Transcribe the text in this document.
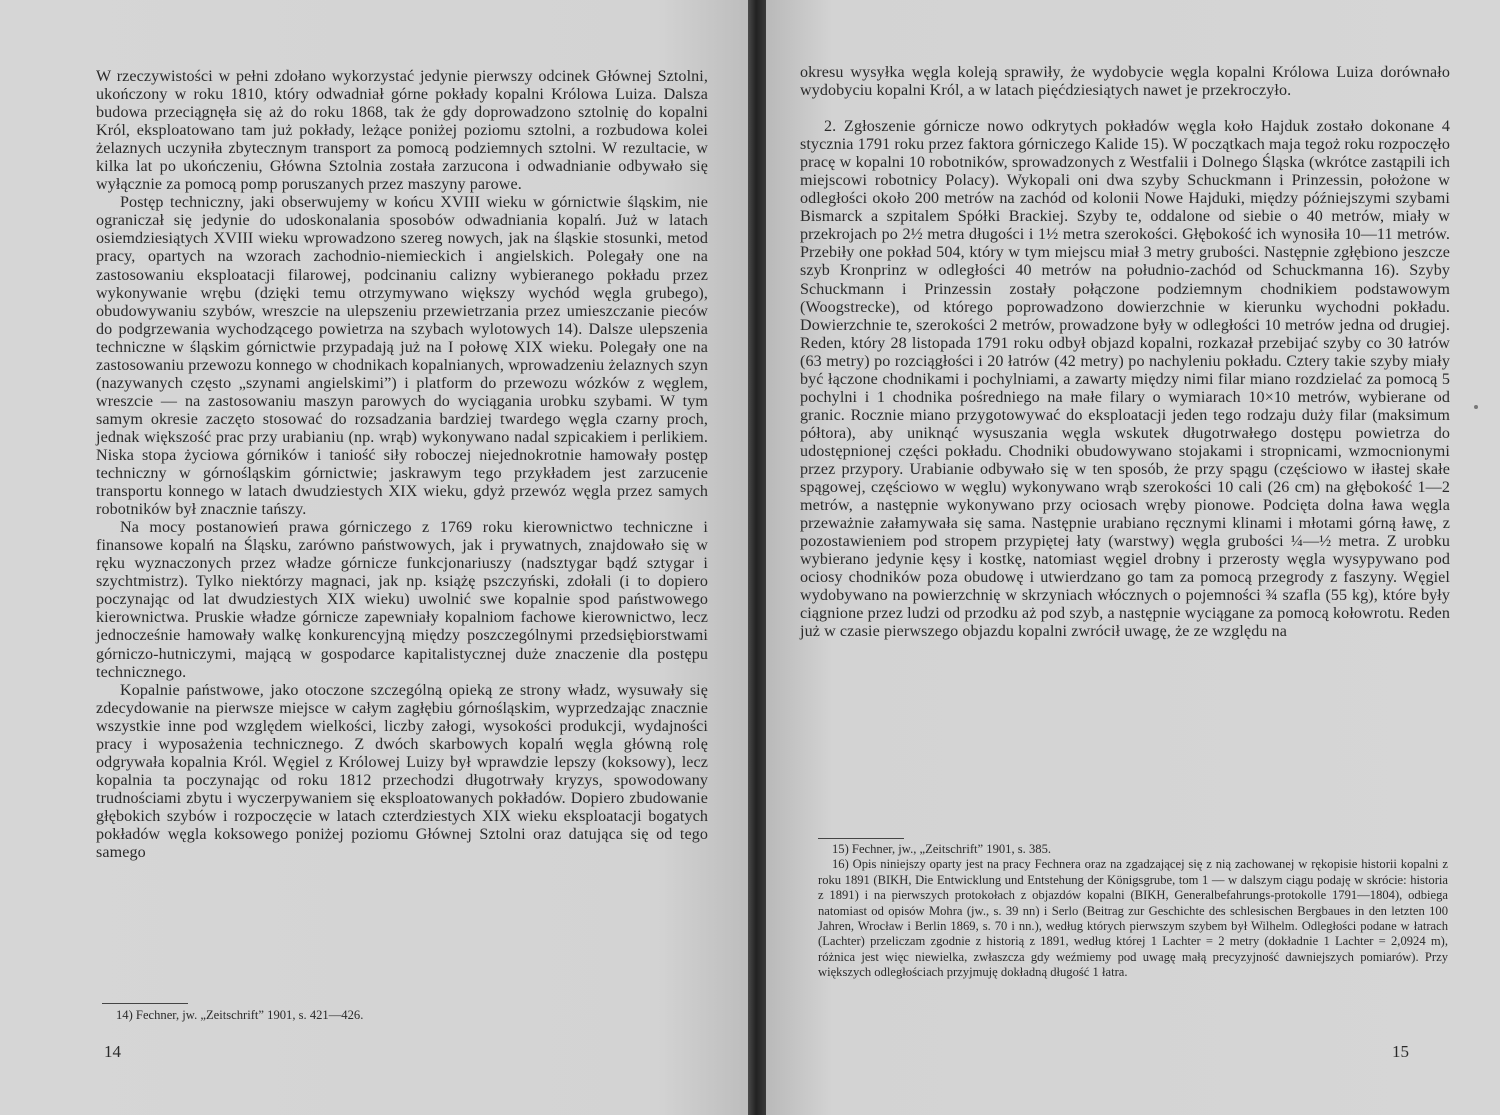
W rzeczywistości w pełni zdołano wykorzystać jedynie pierwszy odcinek Głównej Sztolni, ukończony w roku 1810, który odwadniał górne pokłady kopalni Królowa Luiza. Dalsza budowa przeciągnęła się aż do roku 1868, tak że gdy doprowadzono sztolnię do kopalni Król, eksploatowano tam już pokłady, leżące poniżej poziomu sztolni, a rozbudowa kolei żelaznych uczyniła zbytecznym transport za pomocą podziemnych sztolni. W rezultacie, w kilka lat po ukończeniu, Główna Sztolnia została zarzucona i odwadnianie odbywało się wyłącznie za pomocą pomp poruszanych przez maszyny parowe.

Postęp techniczny, jaki obserwujemy w końcu XVIII wieku w górnictwie śląskim, nie ograniczał się jedynie do udoskonalania sposobów odwadniania kopalń. Już w latach osiemdziesiątych XVIII wieku wprowadzono szereg nowych, jak na śląskie stosunki, metod pracy, opartych na wzorach zachodnio-niemieckich i angielskich. Polegały one na zastosowaniu eksploatacji filarowej, podcinaniu calizny wybieranego pokładu przez wykonywanie wrębu (dzięki temu otrzymywano większy wychód węgla grubego), obudowywaniu szybów, wreszcie na ulepszeniu przewietrzania przez umieszczanie pieców do podgrzewania wychodzącego powietrza na szybach wylotowych 14). Dalsze ulepszenia techniczne w śląskim górnictwie przypadają już na I połowę XIX wieku. Polegały one na zastosowaniu przewozu konnego w chodnikach kopalnianych, wprowadzeniu żelaznych szyn (nazywanych często „szynami angielskimi”) i platform do przewozu wózków z węglem, wreszcie — na zastosowaniu maszyn parowych do wyciągania urobku szybami. W tym samym okresie zaczęto stosować do rozsadzania bardziej twardego węgla czarny proch, jednak większość prac przy urabianiu (np. wrąb) wykonywano nadal szpicakiem i perlikiem. Niska stopa życiowa górników i taniość siły roboczej niejednokrotnie hamowały postęp techniczny w górnośląskim górnictwie; jaskrawym tego przykładem jest zarzucenie transportu konnego w latach dwudziestych XIX wieku, gdyż przewóz węgla przez samych robotników był znacznie tańszy.

Na mocy postanowień prawa górniczego z 1769 roku kierownictwo techniczne i finansowe kopalń na Śląsku, zarówno państwowych, jak i prywatnych, znajdowało się w ręku wyznaczonych przez władze górnicze funkcjonariuszy (nadsztygar bądź sztygar i szychtmistrz). Tylko niektórzy magnaci, jak np. książę pszczyński, zdołali (i to dopiero poczynając od lat dwudziestych XIX wieku) uwolnić swe kopalnie spod państwowego kierownictwa. Pruskie władze górnicze zapewniały kopalniom fachowe kierownictwo, lecz jednocześnie hamowały walkę konkurencyjną między poszczególnymi przedsiębiorstwami górniczo-hutniczymi, mającą w gospodarce kapitalistycznej duże znaczenie dla postępu technicznego.

Kopalnie państwowe, jako otoczone szczególną opieką ze strony władz, wysuwały się zdecydowanie na pierwsze miejsce w całym zagłębiu górnośląskim, wyprzedzając znacznie wszystkie inne pod względem wielkości, liczby załogi, wysokości produkcji, wydajności pracy i wyposażenia technicznego. Z dwóch skarbowych kopalń węgla główną rolę odgrywała kopalnia Król. Węgiel z Królowej Luizy był wprawdzie lepszy (koksowy), lecz kopalnia ta poczynając od roku 1812 przechodzi długotrwały kryzys, spowodowany trudnościami zbytu i wyczerpywaniem się eksploatowanych pokładów. Dopiero zbudowanie głębokich szybów i rozpoczęcie w latach czterdziestych XIX wieku eksploatacji bogatych pokładów węgla koksowego poniżej poziomu Głównej Sztolni oraz datująca się od tego samego

14) Fechner, jw. „Zeitschrift” 1901, s. 421—426.

14

okresu wysyłka węgla koleją sprawiły, że wydobycie węgla kopalni Królowa Luiza dorównało wydobyciu kopalni Król, a w latach pięćdziesiątych nawet je przekroczyło.

2. Zgłoszenie górnicze nowo odkrytych pokładów węgla koło Hajduk zostało dokonane 4 stycznia 1791 roku przez faktora górniczego Kalide 15). W początkach maja tegoż roku rozpoczęło pracę w kopalni 10 robotników, sprowadzonych z Westfalii i Dolnego Śląska (wkrótce zastąpili ich miejscowi robotnicy Polacy). Wykopali oni dwa szyby Schuckmann i Prinzessin, położone w odległości około 200 metrów na zachód od kolonii Nowe Hajduki, między późniejszymi szybami Bismarck a szpitalem Spółki Brackiej. Szyby te, oddalone od siebie o 40 metrów, miały w przekrojach po 2½ metra długości i 1½ metra szerokości. Głębokość ich wynosiła 10—11 metrów. Przebiły one pokład 504, który w tym miejscu miał 3 metry grubości. Następnie zgłębiono jeszcze szyb Kronprinz w odległości 40 metrów na południo-zachód od Schuckmanna 16). Szyby Schuckmann i Prinzessin zostały połączone podziemnym chodnikiem podstawowym (Woogstrecke), od którego poprowadzono dowierzchnie w kierunku wychodni pokładu. Dowierzchnie te, szerokości 2 metrów, prowadzone były w odległości 10 metrów jedna od drugiej. Reden, który 28 listopada 1791 roku odbył objazd kopalni, rozkazał przebijać szyby co 30 łatrów (63 metry) po rozciągłości i 20 łatrów (42 metry) po nachyleniu pokładu. Cztery takie szyby miały być łączone chodnikami i pochylniami, a zawarty między nimi filar miano rozdzielać za pomocą 5 pochylni i 1 chodnika pośredniego na małe filary o wymiarach 10×10 metrów, wybierane od granic. Rocznie miano przygotowywać do eksploatacji jeden tego rodzaju duży filar (maksimum półtora), aby uniknąć wysuszania węgla wskutek długotrwałego dostępu powietrza do udostępnionej części pokładu. Chodniki obudowywano stojakami i stropnicami, wzmocnionymi przez przypory. Urabianie odbywało się w ten sposób, że przy spągu (częściowo w iłastej skałe spągowej, częściowo w węglu) wykonywano wrąb szerokości 10 cali (26 cm) na głębokość 1—2 metrów, a następnie wykonywano przy ociosach wręby pionowe. Podcięta dolna ława węgla przeważnie załamywała się sama. Następnie urabiano ręcznymi klinami i młotami górną ławę, z pozostawieniem pod stropem przypiętej łaty (warstwy) węgla grubości ¼—½ metra. Z urobku wybierano jedynie kęsy i kostkę, natomiast węgiel drobny i przerosty węgla wysypywano pod ociosy chodników poza obudowę i utwierdzano go tam za pomocą przegrody z faszyny. Węgiel wydobywano na powierzchnię w skrzyniach włócznych o pojemności ¾ szafla (55 kg), które były ciągnione przez ludzi od przodku aż pod szyb, a następnie wyciągane za pomocą kołowrotu. Reden już w czasie pierwszego objazdu kopalni zwrócił uwagę, że ze względu na

15) Fechner, jw., „Zeitschrift” 1901, s. 385.

16) Opis niniejszy oparty jest na pracy Fechnera oraz na zgadzającej się z nią zachowanej w rękopisie historii kopalni z roku 1891 (BIKH, Die Entwicklung und Entstehung der Königsgrube, tom 1 — w dalszym ciągu podaję w skrócie: historia z 1891) i na pierwszych protokołach z objazdów kopalni (BIKH, Generalbefahrungs-protokolle 1791—1804), odbiega natomiast od opisów Mohra (jw., s. 39 nn) i Serlo (Beitrag zur Geschichte des schlesischen Bergbaues in den letzten 100 Jahren, Wrocław i Berlin 1869, s. 70 i nn.), według których pierwszym szybem był Wilhelm. Odległości podane w łatrach (Lachter) przeliczam zgodnie z historią z 1891, według której 1 Lachter = 2 metry (dokładnie 1 Lachter = 2,0924 m), różnica jest więc niewielka, zwłaszcza gdy weźmiemy pod uwagę małą precyzyjność dawniejszych pomiarów). Przy większych odległościach przyjmuję dokładną długość 1 łatra.

15
